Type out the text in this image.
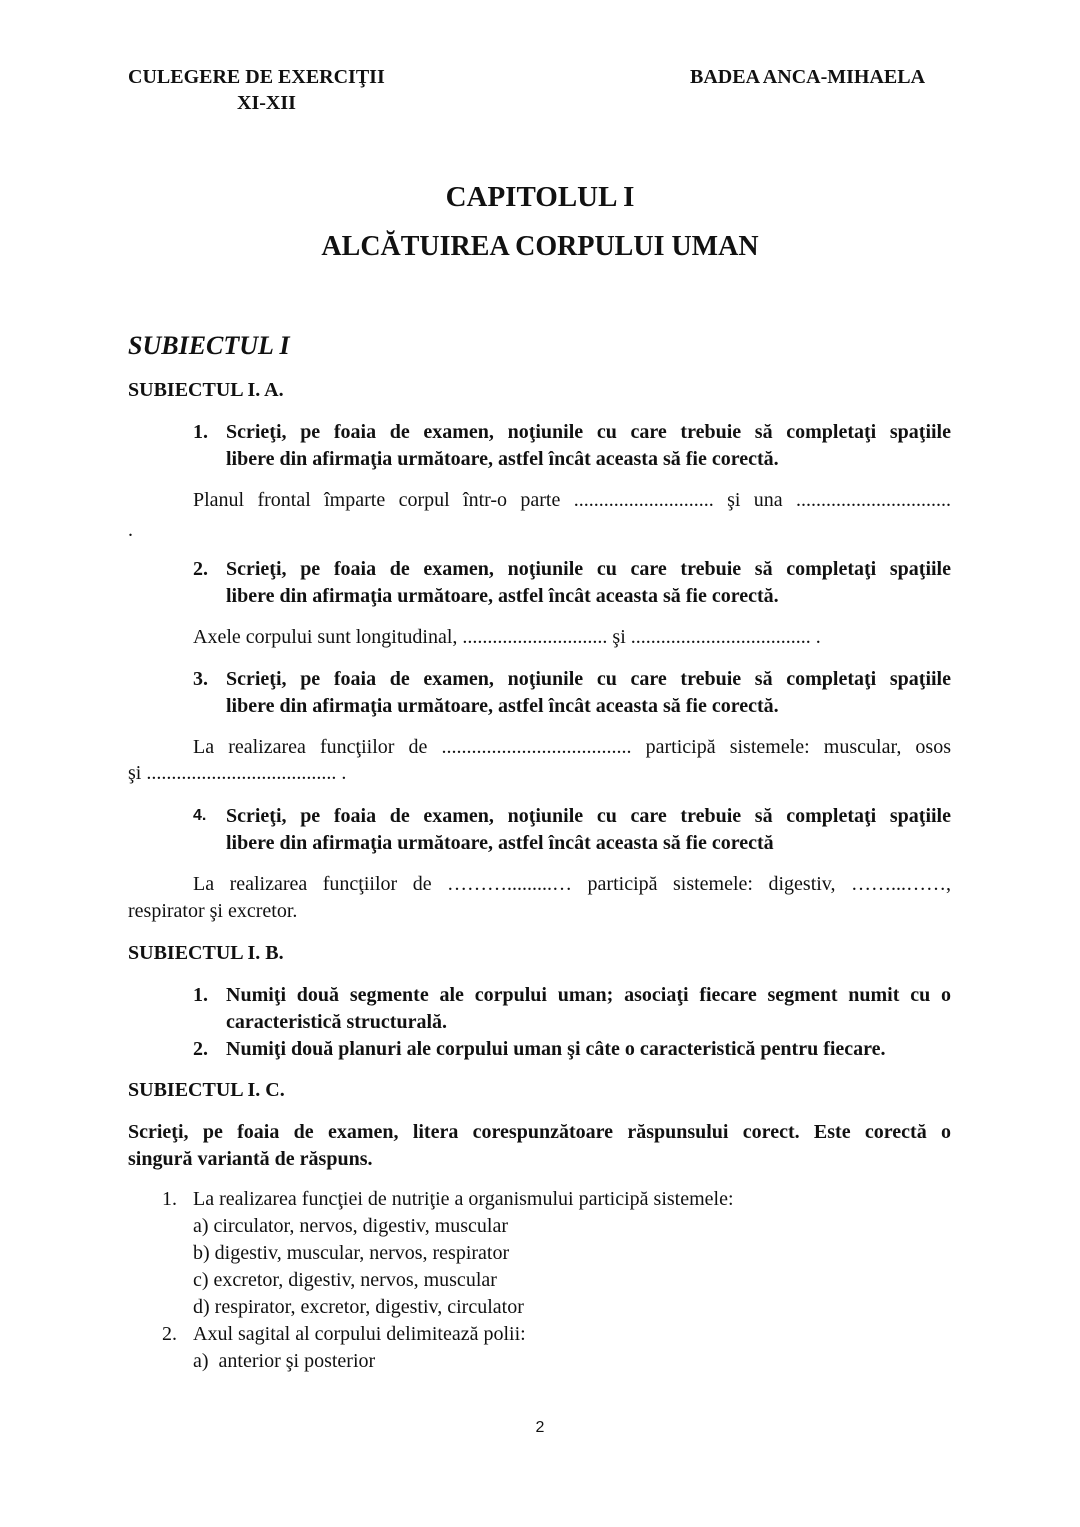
CULEGERE DE EXERCIŢII
XI-XII
BADEA ANCA-MIHAELA
CAPITOLUL I
ALCĂTUIREA CORPULUI UMAN
SUBIECTUL I
SUBIECTUL I. A.
1. Scrieţi, pe foaia de examen, noţiunile cu care trebuie să completaţi spaţiile
libere din afirmaţia următoare, astfel încât aceasta să fie corectă.
Planul frontal împarte corpul într-o parte ............................ şi una ...............................
.
2. Scrieţi, pe foaia de examen, noţiunile cu care trebuie să completaţi spaţiile
libere din afirmaţia următoare, astfel încât aceasta să fie corectă.
Axele corpului sunt longitudinal, ............................. şi .................................... .
3. Scrieţi, pe foaia de examen, noţiunile cu care trebuie să completaţi spaţiile
libere din afirmaţia următoare, astfel încât aceasta să fie corectă.
La realizarea funcţiilor de ...................................... participă sistemele: muscular, osos
şi ...................................... .
4. Scrieţi, pe foaia de examen, noţiunile cu care trebuie să completaţi spaţiile
libere din afirmaţia următoare, astfel încât aceasta să fie corectă
La realizarea funcţiilor de ……….........… participă sistemele: digestiv, ……...……,
respirator şi excretor.
SUBIECTUL I. B.
1. Numiţi două segmente ale corpului uman; asociaţi fiecare segment numit cu o
caracteristică structurală.
2. Numiţi două planuri ale corpului uman şi câte o caracteristică pentru fiecare.
SUBIECTUL I. C.
Scrieţi, pe foaia de examen, litera corespunzătoare răspunsului corect. Este corectă o
singură variantă de răspuns.
1. La realizarea funcţiei de nutriţie a organismului participă sistemele:
a) circulator, nervos, digestiv, muscular
b) digestiv, muscular, nervos, respirator
c) excretor, digestiv, nervos, muscular
d) respirator, excretor, digestiv, circulator
2. Axul sagital al corpului delimitează polii:
a)  anterior şi posterior
2
